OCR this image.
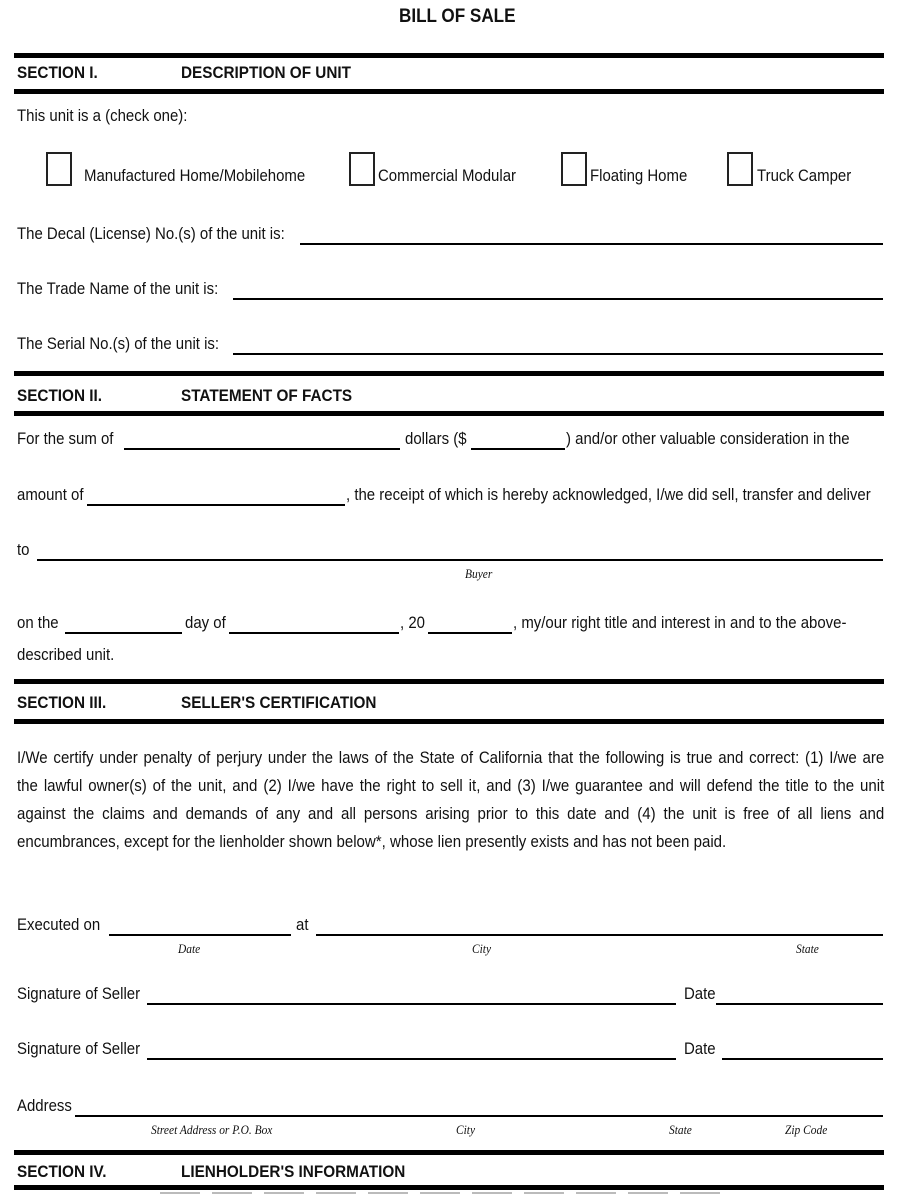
BILL OF SALE
SECTION I.	DESCRIPTION OF UNIT
This unit is a (check one):
Manufactured Home/Mobilehome	Commercial Modular	Floating Home	Truck Camper
The Decal (License) No.(s) of the unit is:
The Trade Name of the unit is:
The Serial No.(s) of the unit is:
SECTION II.	STATEMENT OF FACTS
For the sum of	dollars ($	) and/or other valuable consideration in the
amount of	, the receipt of which is hereby acknowledged, I/we did sell, transfer and deliver
to
Buyer
on the	day of	, 20	, my/our right title and interest in and to the above-
described unit.
SECTION III.	SELLER'S CERTIFICATION
I/We certify under penalty of perjury under the laws of the State of California that the following is true and correct: (1) I/we are
the lawful owner(s) of the unit, and (2) I/we have the right to sell it, and (3) I/we guarantee and will defend the title to the unit
against the claims and demands of any and all persons arising prior to this date and (4) the unit is free of all liens and
encumbrances, except for the lienholder shown below*, whose lien presently exists and has not been paid.
Executed on	at
Date	City	State
Signature of Seller	Date
Signature of Seller	Date
Address
Street Address or P.O. Box	City	State	Zip Code
SECTION IV.	LIENHOLDER'S INFORMATION
